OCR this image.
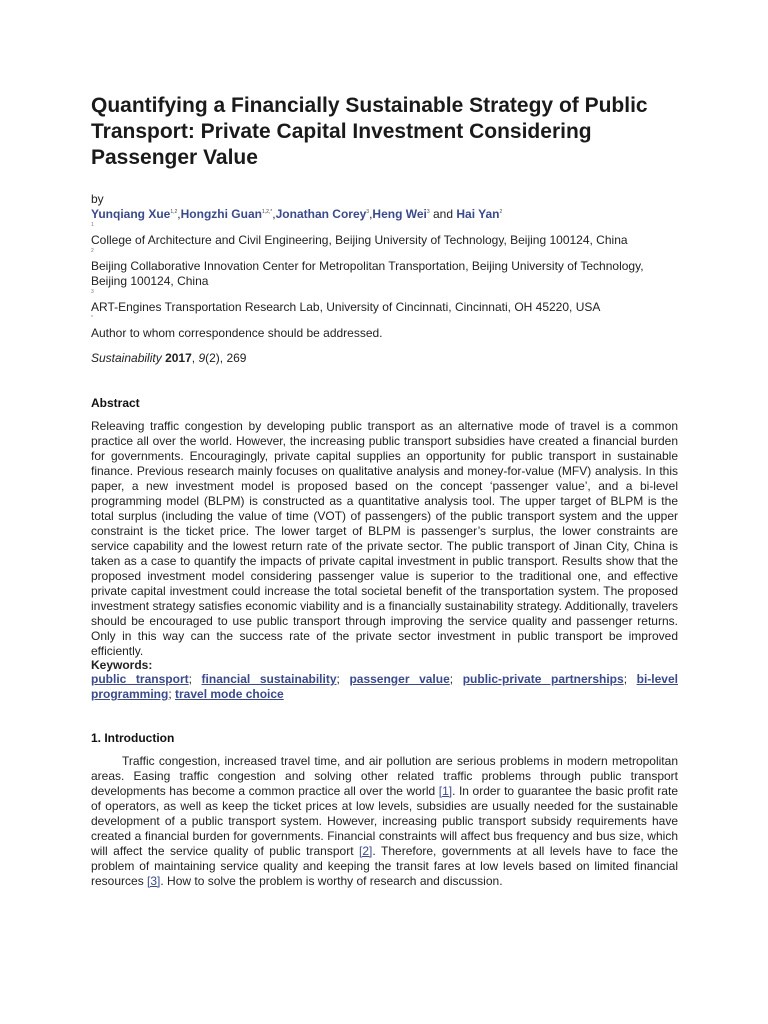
Quantifying a Financially Sustainable Strategy of Public Transport: Private Capital Investment Considering Passenger Value
by
Yunqiang Xue$^{1,2}$,Hongzhi Guan$^{1,2,*}$,Jonathan Corey$^3$,Heng Wei$^3$ and Hai Yan$^2$
1
College of Architecture and Civil Engineering, Beijing University of Technology, Beijing 100124, China
2
Beijing Collaborative Innovation Center for Metropolitan Transportation, Beijing University of Technology, Beijing 100124, China
3
ART-Engines Transportation Research Lab, University of Cincinnati, Cincinnati, OH 45220, USA
*
Author to whom correspondence should be addressed.
Sustainability 2017, 9(2), 269
Abstract

Releaving traffic congestion by developing public transport as an alternative mode of travel is a common practice all over the world. However, the increasing public transport subsidies have created a financial burden for governments. Encouragingly, private capital supplies an opportunity for public transport in sustainable finance. Previous research mainly focuses on qualitative analysis and money-for-value (MFV) analysis. In this paper, a new investment model is proposed based on the concept ‘passenger value’, and a bi-level programming model (BLPM) is constructed as a quantitative analysis tool. The upper target of BLPM is the total surplus (including the value of time (VOT) of passengers) of the public transport system and the upper constraint is the ticket price. The lower target of BLPM is passenger’s surplus, the lower constraints are service capability and the lowest return rate of the private sector. The public transport of Jinan City, China is taken as a case to quantify the impacts of private capital investment in public transport. Results show that the proposed investment model considering passenger value is superior to the traditional one, and effective private capital investment could increase the total societal benefit of the transportation system. The proposed investment strategy satisfies economic viability and is a financially sustainability strategy. Additionally, travelers should be encouraged to use public transport through improving the service quality and passenger returns. Only in this way can the success rate of the private sector investment in public transport be improved efficiently.

Keywords:
public transport; financial sustainability; passenger value; public-private partnerships; bi-level programming; travel mode choice
1. Introduction

Traffic congestion, increased travel time, and air pollution are serious problems in modern metropolitan areas. Easing traffic congestion and solving other related traffic problems through public transport developments has become a common practice all over the world [1]. In order to guarantee the basic profit rate of operators, as well as keep the ticket prices at low levels, subsidies are usually needed for the sustainable development of a public transport system. However, increasing public transport subsidy requirements have created a financial burden for governments. Financial constraints will affect bus frequency and bus size, which will affect the service quality of public transport [2]. Therefore, governments at all levels have to face the problem of maintaining service quality and keeping the transit fares at low levels based on limited financial resources [3]. How to solve the problem is worthy of research and discussion.
